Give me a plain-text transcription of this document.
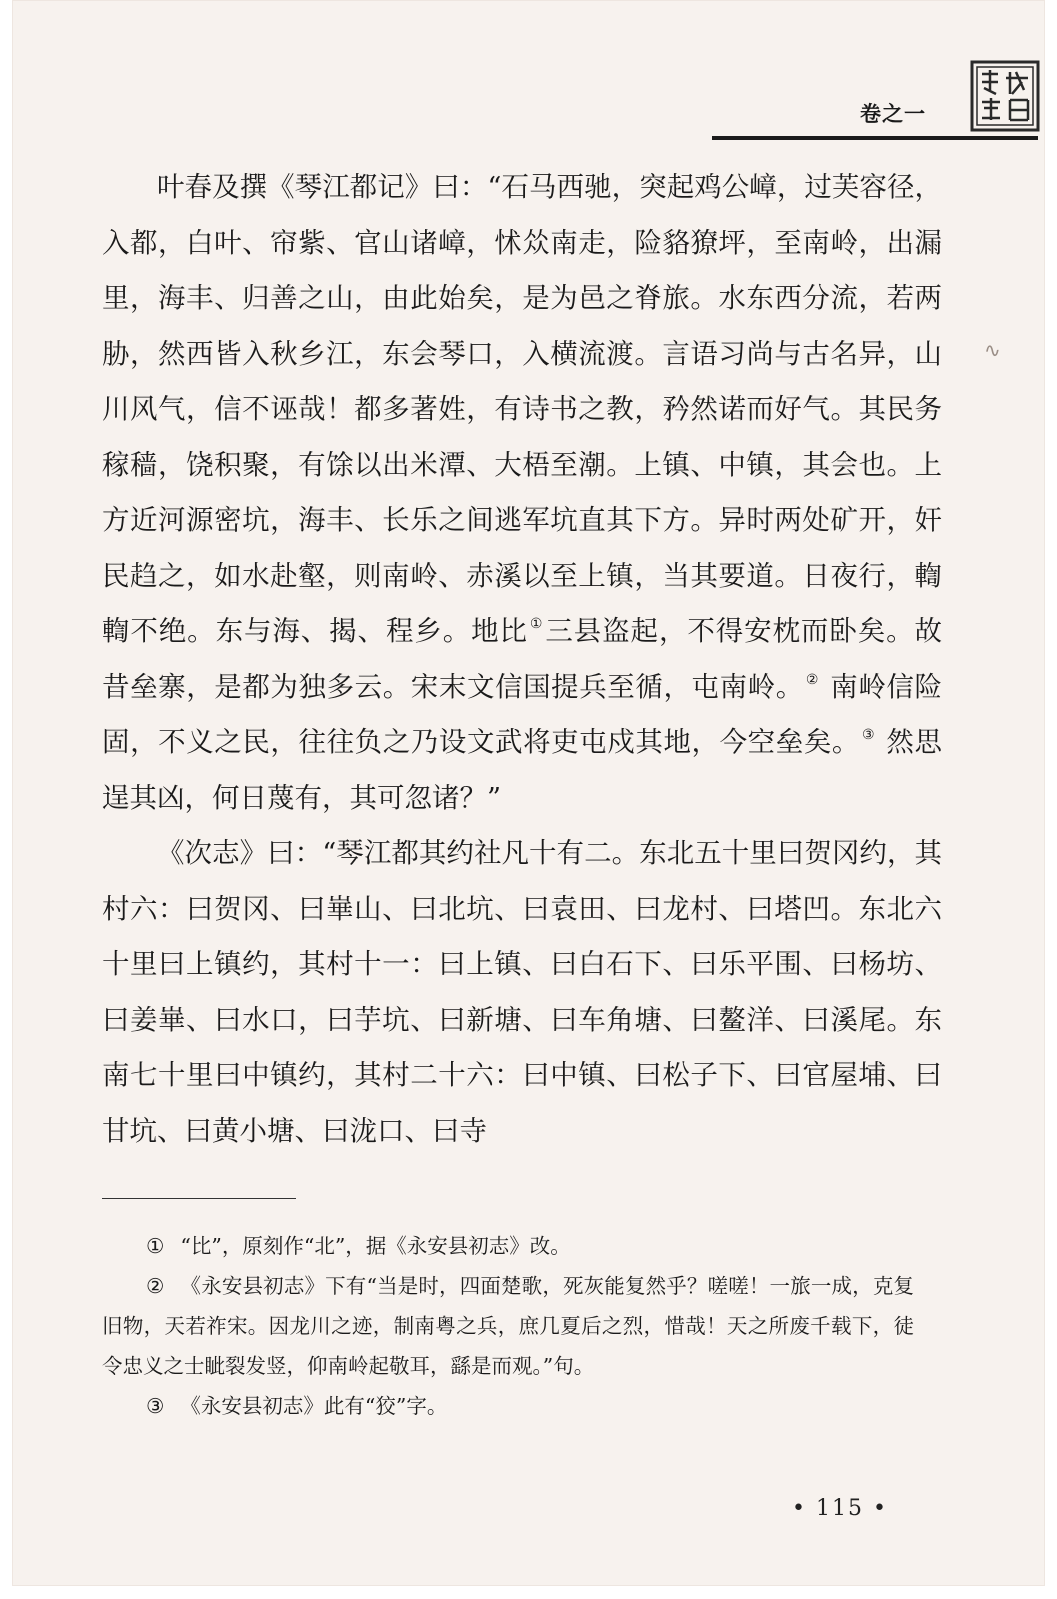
卷之一
∿

叶春及撰《琴江都记》曰：“石马西驰，突起鸡公嶂，过芙容径，入都，白叶、帘紫、官山诸嶂，怵𠈌南走，险貉獠坪，至南岭，出漏里，海丰、归善之山，由此始矣，是为邑之脊旅。水东西分流，若两胁，然西皆入秋乡江，东会琴口，入横流渡。言语习尚与古名异，山川风气，信不诬哉！都多著姓，有诗书之教，矜然诺而好气。其民务稼穑，饶积聚，有馀以出米潭、大梧至潮。上镇、中镇，其会也。上方近河源密坑，海丰、长乐之间逃军坑直其下方。异时两处矿开，奸民趋之，如水赴壑，则南岭、赤溪以至上镇，当其要道。日夜行，輷輷不绝。东与海、揭、程乡。地比 ①三县盗起，不得安枕而卧矣。故昔垒寨，是都为独多云。宋末文信国提兵至循，屯南岭。 ② 南岭信险固，不义之民，往往负之乃设文武将吏屯戍其地，今空垒矣。 ③ 然思逞其凶，何日蔑有，其可忽诸？”

《次志》曰：“琴江都其约社凡十有二。东北五十里曰贺冈约，其村六：曰贺冈、曰崋山、曰北坑、曰袁田、曰龙村、曰塔凹。东北六十里曰上镇约，其村十一：曰上镇、曰白石下、曰乐平围、曰杨坊、曰姜崋、曰水口，曰芋坑、曰新塘、曰车角塘、曰鳌洋、曰溪尾。东南七十里曰中镇约，其村二十六：曰中镇、曰松子下、曰官屋埔、曰甘坑、曰黄小塘、曰泷口、曰寺

① “比”，原刻作“北”，据《永安县初志》改。

② 《永安县初志》下有“当是时，四面楚歌，死灰能复然乎？嗟嗟！一旅一成，克复旧物，天若祚宋。因龙川之迹，制南粤之兵，庶几夏后之烈，惜哉！天之所废千载下，徒令忠义之士眦裂发竖，仰南岭起敬耳，繇是而观。”句。

③ 《永安县初志》此有“狡”字。

• 115 •
